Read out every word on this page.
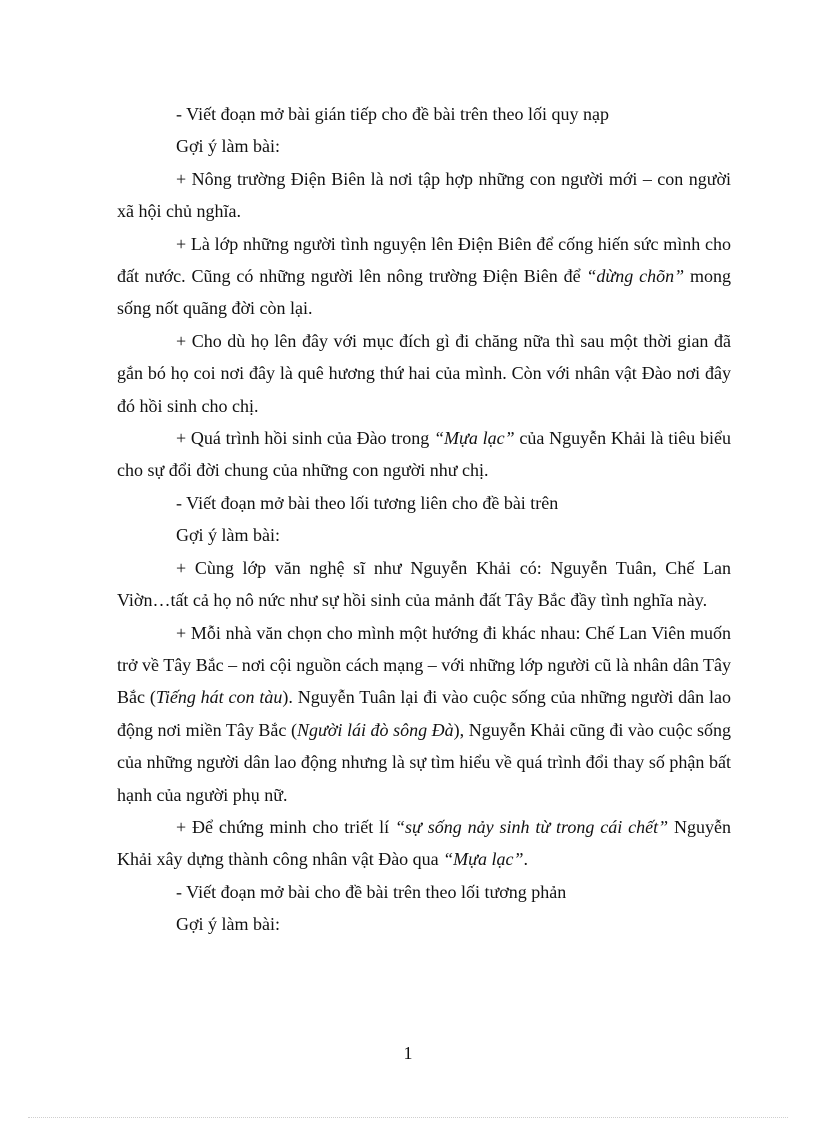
- Viết đoạn mở bài gián tiếp cho đề bài trên theo lối quy nạp

Gợi ý làm bài:

+ Nông trường Điện Biên là nơi tập hợp những con người mới – con người xã hội chủ nghĩa.

+ Là lớp những người tình nguyện lên Điện Biên để cống hiến sức mình cho đất nước. Cũng có những người lên nông trường Điện Biên để “dừng chõn” mong sống nốt quãng đời còn lại.

+ Cho dù họ lên đây với mục đích gì đi chăng nữa thì sau một thời gian đã gắn bó họ coi nơi đây là quê hương thứ hai của mình. Còn với nhân vật Đào nơi đây đó hồi sinh cho chị.

+ Quá trình hồi sinh của Đào trong “Mựa lạc” của Nguyễn Khải là tiêu biểu cho sự đổi đời chung của những con người như chị.

- Viết đoạn mở bài theo lối tương liên cho đề bài trên

Gợi ý làm bài:

+ Cùng lớp văn nghệ sĩ như Nguyễn Khải có: Nguyễn Tuân, Chế Lan Viờn…tất cả họ nô nức như sự hồi sinh của mảnh đất Tây Bắc đầy tình nghĩa này.

+ Mỗi nhà văn chọn cho mình một hướng đi khác nhau: Chế Lan Viên muốn trở về Tây Bắc – nơi cội nguồn cách mạng – với những lớp người cũ là nhân dân Tây Bắc (Tiếng hát con tàu). Nguyễn Tuân lại đi vào cuộc sống của những người dân lao động nơi miền Tây Bắc (Người lái đò sông Đà), Nguyễn Khải cũng đi vào cuộc sống của những người dân lao động nhưng là sự tìm hiểu về quá trình đổi thay số phận bất hạnh của người phụ nữ.

+ Để chứng minh cho triết lí “sự sống nảy sinh từ trong cái chết” Nguyễn Khải xây dựng thành công nhân vật Đào qua “Mựa lạc”.

- Viết đoạn mở bài cho đề bài trên theo lối tương phản

Gợi ý làm bài:

1
